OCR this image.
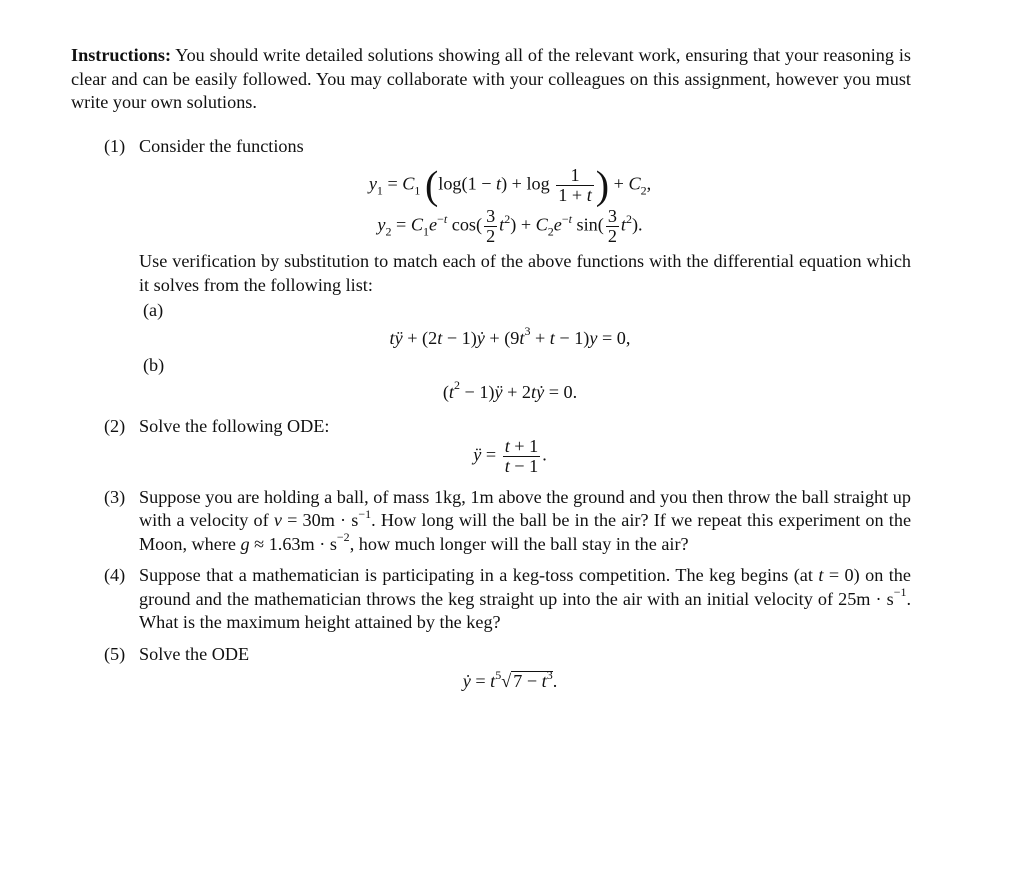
Instructions: You should write detailed solutions showing all of the relevant work, ensuring that your reasoning is clear and can be easily followed. You may collaborate with your colleagues on this assignment, however you must write your own solutions.

(1) Consider the functions
$y_1 = C_1$ ($\log(1 - t) + \log \frac{1}{1 + t}$ ) + $C_2$,
$y_2 = C_1e^{-t}$ $\cos( \frac{3}{2} t^2) + C_2e^{-t}$ $\sin( \frac{3}{2} t^2)$.
Use verification by substitution to match each of the above functions with the differential equation which it solves from the following list:
(a)
tÿ + (2t − 1)ẏ + $(9t^3 + t - 1)y = 0$,
(b)
($t^2$ − 1)ÿ + 2tẏ = 0.
(2) Solve the following ODE:
ÿ = $\frac{t + 1}{t - 1}$ .
(3) Suppose you are holding a ball, of mass 1kg, 1m above the ground and you then throw the ball straight up with a velocity of $v = 30m \cdot s^{-1}$. How long will the ball be in the air? If we repeat this experiment on the Moon, where $g \approx 1.63m \cdot s^{-2}$, how much longer will the ball stay in the air?
(4) Suppose that a mathematician is participating in a keg-toss competition. The keg begins (at t = 0) on the ground and the mathematician throws the keg straight up into the air with an initial velocity of $25m \cdot s^{-1}$. What is the maximum height attained by the keg?
(5) Solve the ODE
ẏ = $t^5√$ $7 - t^3$.
